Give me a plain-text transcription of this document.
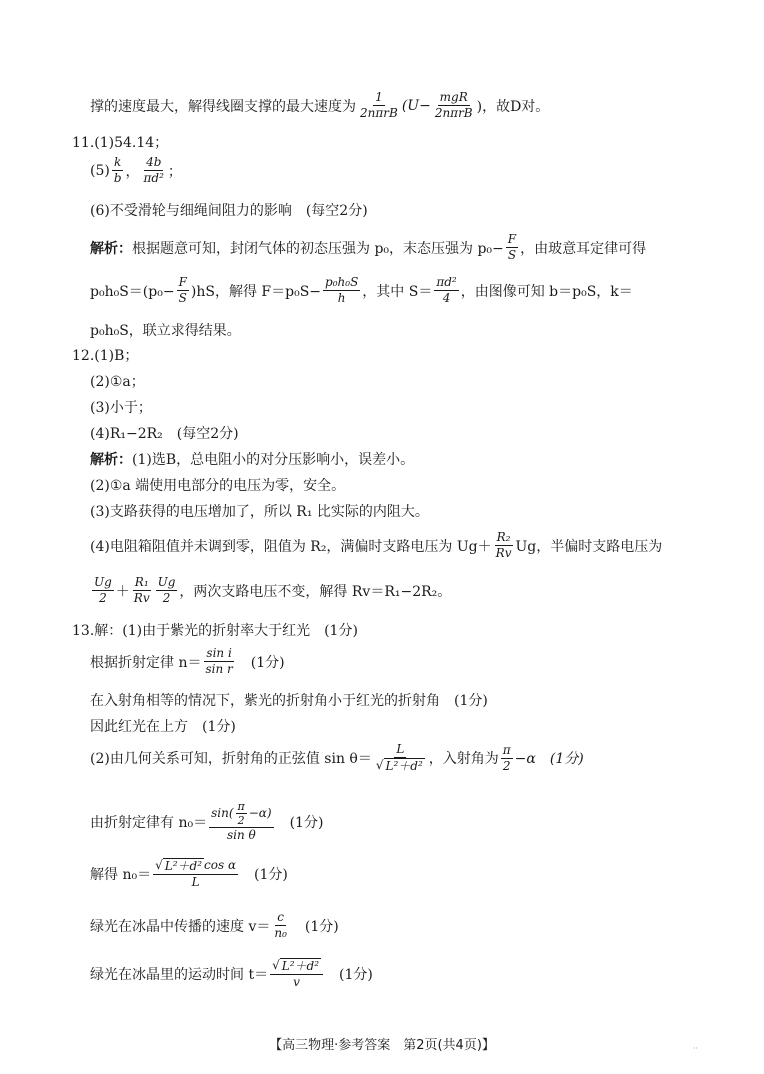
撑的速度最大，解得线圈支撑的最大速度为
1
2nπrB (U−
mgR
2nπrB )，故D对。
11.(1)54.14；
(5)
k
b ，
4b
πd² ；
(6)不受滑轮与细绳间阻力的影响　(每空2分)
解析： 根据题意可知，封闭气体的初态压强为 p₀，末态压强为 $p_0- \frac{F}{S}$ ，由玻意耳定律可得
$p_0h_0S=(p_0- \frac{F}{S} )hS$，解得 $F=p_0S- \frac{\text{p₀h₀S}}{h}$ ，其中 S＝
πd²
4 ，由图像可知 b＝p₀S，k＝
p₀h₀S，联立求得结果。
12.(1)B；
(2)①a；
(3)小于；
(4)R₁−2R₂　(每空2分)
解析： (1)选B，总电阻小的对分压影响小，误差小。
(2)①a 端使用电部分的电压为零，安全。
(3)支路获得的电压增加了，所以 R₁ 比实际的内阻大。
(4)电阻箱阻值并未调到零，阻值为 R₂，满偏时支路电压为 Ug＋
R₂
Rv Ug，半偏时支路电压为
Ug
2 ＋
R₁
Rv
Ug
2 ，两次支路电压不变，解得 Rv＝R₁−2R₂。
13.解：(1)由于紫光的折射率大于红光　(1分)
根据折射定律 n＝
sin i
sin r 　(1分)
在入射角相等的情况下，紫光的折射角小于红光的折射角　(1分)
因此红光在上方　(1分)
(2)由几何关系可知，折射角的正弦值 sin θ＝
L
√ L²＋d² ，入射角为
π
2 −α　(1分)
由折射定律有 n₀＝
sin( π
2
−α)
sin θ
　(1分)
解得 n₀＝
√ L²＋d² cos α
L	　(1分)
绿光在冰晶中传播的速度 v＝
c
n₀ 　(1分)
绿光在冰晶里的运动时间 t＝
√ L²＋d²
v 　(1分)
【高三物理·参考答案　第2页(共4页)】	··
